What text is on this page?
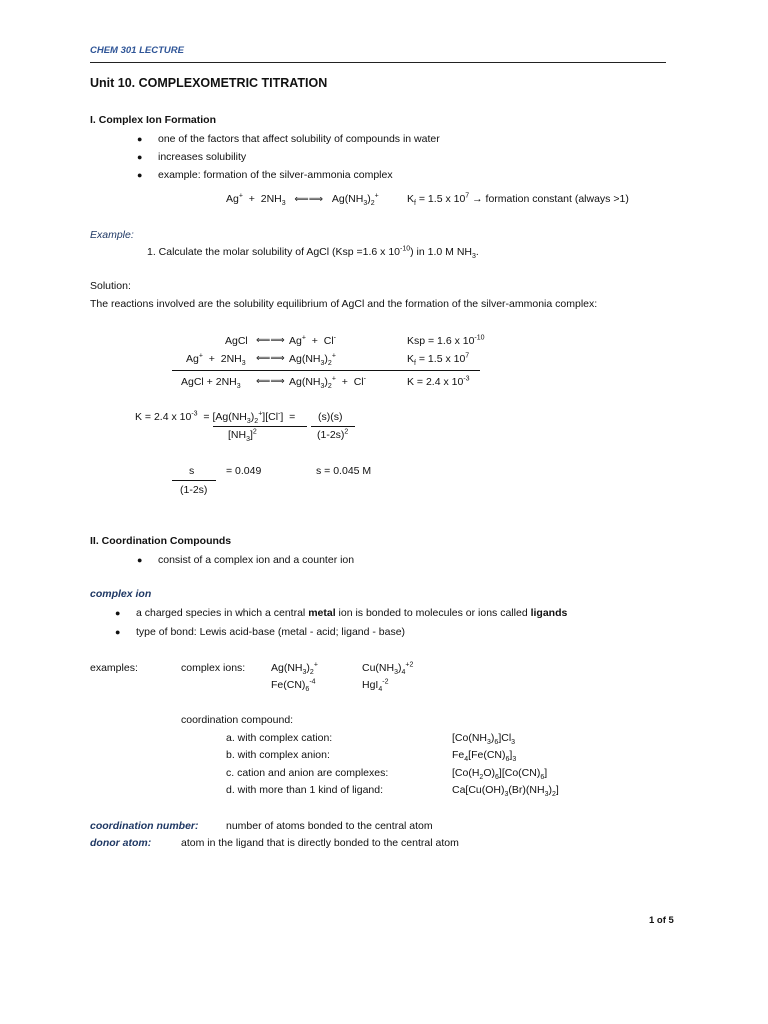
CHEM 301 LECTURE
Unit 10. COMPLEXOMETRIC TITRATION
I. Complex Ion Formation
● one of the factors that affect solubility of compounds in water
● increases solubility
● example: formation of the silver-ammonia complex
$Ag^+ + 2NH_3$ ⟸⟹   $Ag(NH_3)_2^+$	$K_f = 1.5$ x $10^7$ → formation constant (always >1)
Example:
1. Calculate the molar solubility of AgCl (Ksp =1.6 x $10^{-10}$) in 1.0 M $NH_3$.
Solution:
The reactions involved are the solubility equilibrium of AgCl and the formation of the silver-ammonia complex:
AgCl ⟸⟹ Ag+  +  Cl-	Ksp = 1.6 x $10^{-10}$
$Ag^+ + 2NH_3$ ⟸⟹ $Ag(NH_3)_2^+$	$K_f = 1.5$ x $10^7$
AgCl + $2NH_3$ ⟸⟹ $Ag(NH_3)_2^+ + Cl^-$	K = 2.4 x $10^{-3}$
K = 2.4 x $10^{-3} = [Ag(NH_3)_2^+][Cl^-]$  =
$[NH_3]^2$
(s)(s)
$(1-2s)^2$
s
(1-2s)
= 0.049	s = 0.045 M
II. Coordination Compounds
● consist of a complex ion and a counter ion
complex ion
● a charged species in which a central metal ion is bonded to molecules or ions called ligands
● type of bond: Lewis acid-base (metal - acid; ligand - base)
examples:	complex ions: $Ag(NH_3)_2^+$	$Cu(NH_3)_4^{+2}$
$Fe(CN)_6^{-4}$	HgI$_4^{-2}$
coordination compound:
a. with complex cation:	$[Co(NH_3)_6]Cl_3$
b. with complex anion:	$Fe_4[Fe(CN)_6]_3$
c. cation and anion are complexes:	$[Co(H_2O)_6][Co(CN)_6]$
d. with more than 1 kind of ligand:	$Ca[Cu(OH)_3(Br)(NH_3)_2]$
coordination number:	number of atoms bonded to the central atom
donor atom:	atom in the ligand that is directly bonded to the central atom
1 of 5
